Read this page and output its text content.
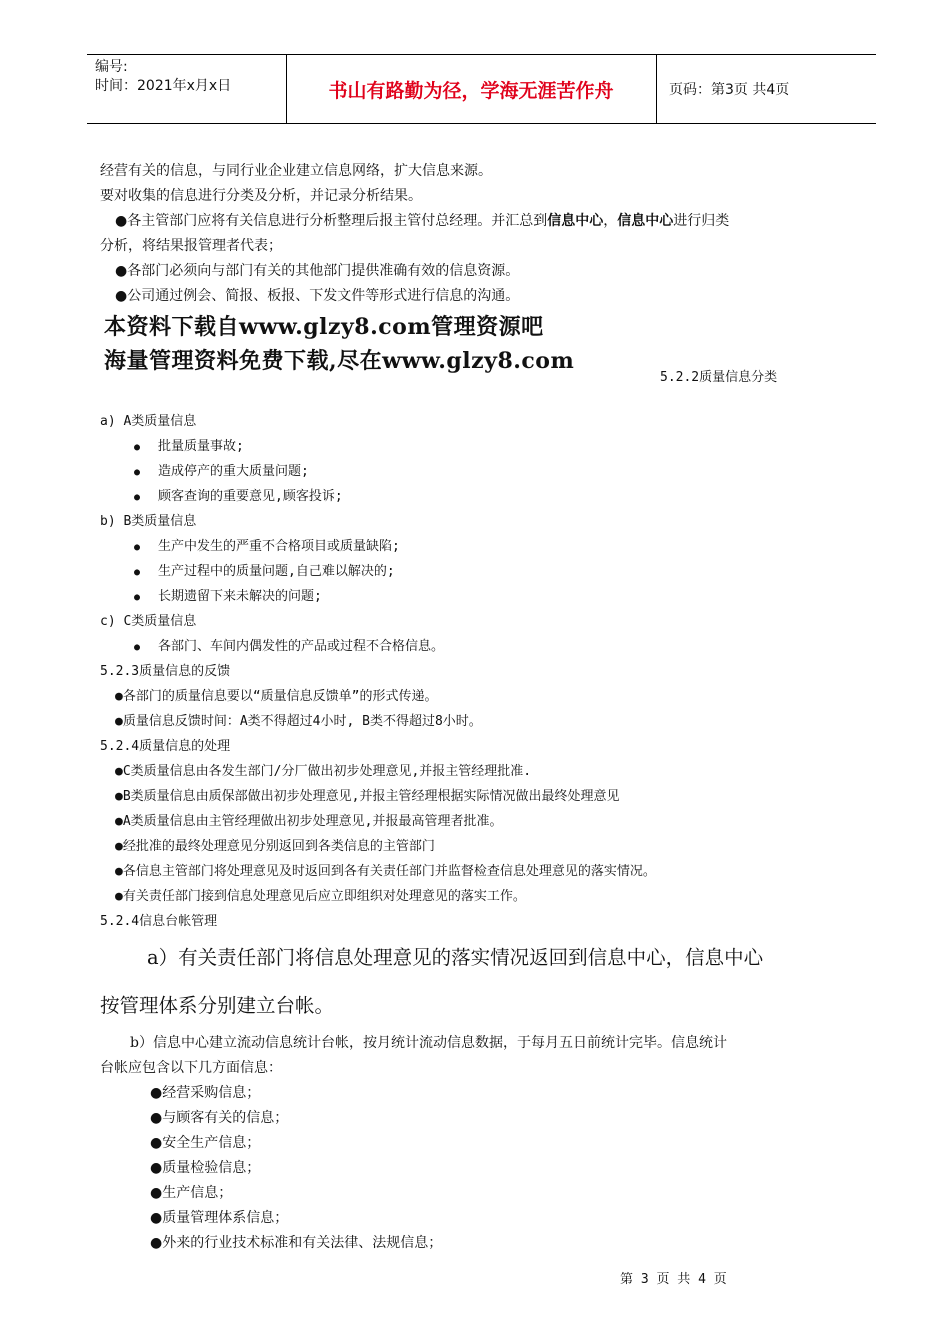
编号:
时间：2021年x月x日	书山有路勤为径，学海无涯苦作舟	页码：第3页 共4页
经营有关的信息，与同行业企业建立信息网络，扩大信息来源。
要对收集的信息进行分类及分析，并记录分析结果。
●各主管部门应将有关信息进行分析整理后报主管付总经理。并汇总到信息中心，信息中心进行归类
分析，将结果报管理者代表；
●各部门必须向与部门有关的其他部门提供准确有效的信息资源。
●公司通过例会、简报、板报、下发文件等形式进行信息的沟通。
本资料下载自www.glzy8.com管理资源吧
海量管理资料免费下载,尽在www.glzy8.com
5.2.2质量信息分类
a) A类质量信息
● 批量质量事故;
● 造成停产的重大质量问题;
● 顾客查询的重要意见,顾客投诉;
b) B类质量信息
● 生产中发生的严重不合格项目或质量缺陷;
● 生产过程中的质量问题,自己难以解决的;
● 长期遗留下来未解决的问题;
c) C类质量信息
● 各部门、车间内偶发性的产品或过程不合格信息。
5.2.3质量信息的反馈
●各部门的质量信息要以“质量信息反馈单”的形式传递。
●质量信息反馈时间：A类不得超过4小时, B类不得超过8小时。
5.2.4质量信息的处理
●C类质量信息由各发生部门/分厂做出初步处理意见,并报主管经理批准.
●B类质量信息由质保部做出初步处理意见,并报主管经理根据实际情况做出最终处理意见
●A类质量信息由主管经理做出初步处理意见,并报最高管理者批准。
●经批准的最终处理意见分别返回到各类信息的主管部门
●各信息主管部门将处理意见及时返回到各有关责任部门并监督检查信息处理意见的落实情况。
●有关责任部门接到信息处理意见后应立即组织对处理意见的落实工作。
5.2.4信息台帐管理
a）有关责任部门将信息处理意见的落实情况返回到信息中心，信息中心
按管理体系分别建立台帐。
b）信息中心建立流动信息统计台帐，按月统计流动信息数据，于每月五日前统计完毕。信息统计
台帐应包含以下几方面信息：
●经营采购信息；
●与顾客有关的信息；
●安全生产信息；
●质量检验信息；
●生产信息；
●质量管理体系信息；
●外来的行业技术标准和有关法律、法规信息；
第 3 页 共 4 页
